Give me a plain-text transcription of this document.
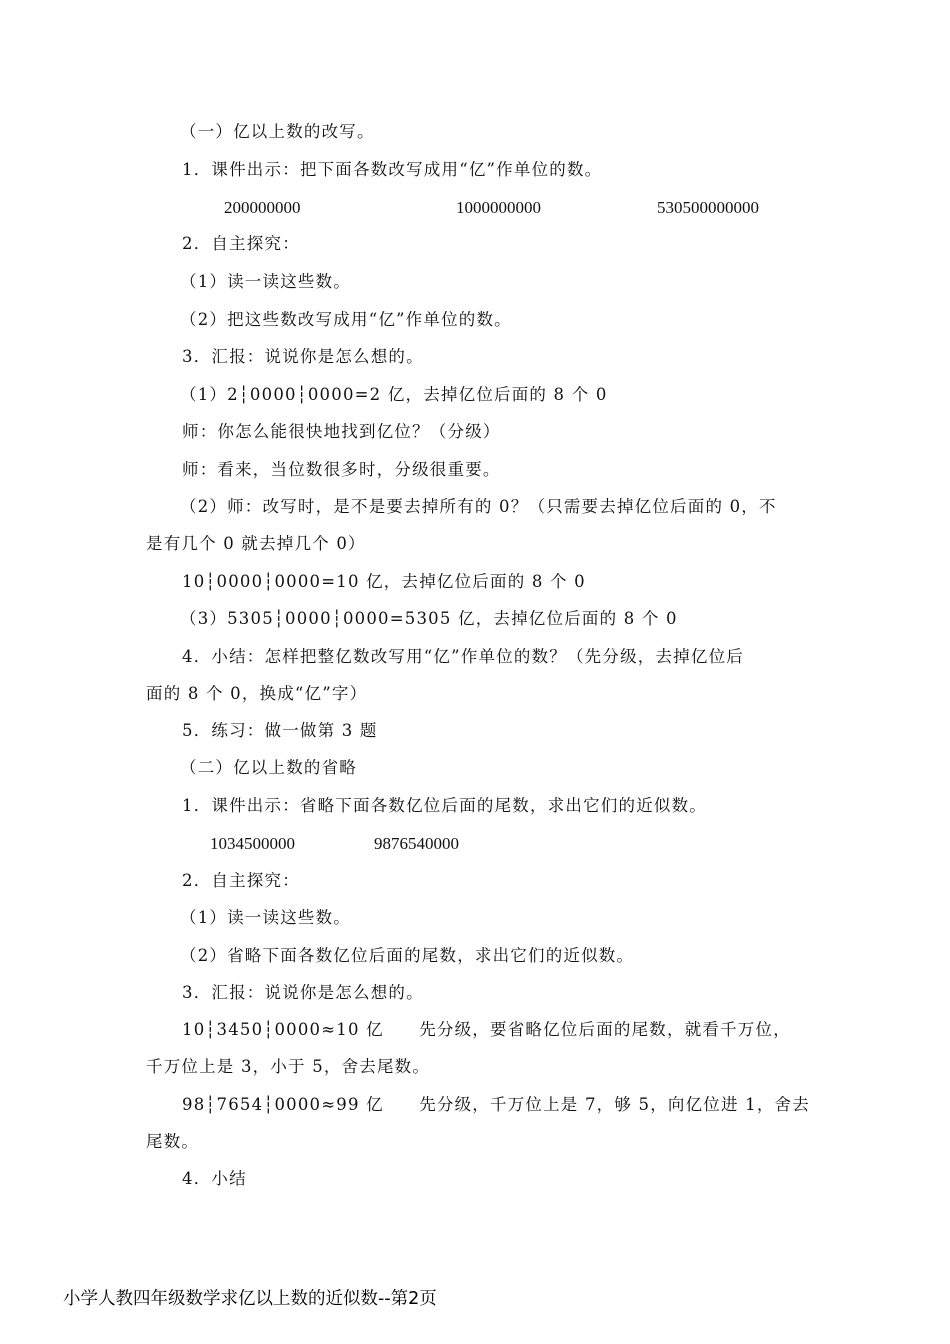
（一）亿以上数的改写。
1．课件出示：把下面各数改写成用“亿”作单位的数。
200000000	1000000000	530500000000
2．自主探究：
（1）读一读这些数。
（2）把这些数改写成用“亿”作单位的数。
3．汇报：说说你是怎么想的。
（1）2┆0000┆0000=2 亿，去掉亿位后面的 8 个 0
师：你怎么能很快地找到亿位？（分级）
师：看来，当位数很多时，分级很重要。
（2）师：改写时，是不是要去掉所有的 0？（只需要去掉亿位后面的 0，不
是有几个 0 就去掉几个 0）
10┆0000┆0000=10 亿，去掉亿位后面的 8 个 0
（3）5305┆0000┆0000=5305 亿，去掉亿位后面的 8 个 0
4．小结：怎样把整亿数改写用“亿”作单位的数？（先分级，去掉亿位后
面的 8 个 0，换成“亿”字）
5．练习：做一做第 3 题
（二）亿以上数的省略
1．课件出示：省略下面各数亿位后面的尾数，求出它们的近似数。
1034500000	9876540000
2．自主探究：
（1）读一读这些数。
（2）省略下面各数亿位后面的尾数，求出它们的近似数。
3．汇报：说说你是怎么想的。
10┆3450┆0000≈10 亿　　先分级，要省略亿位后面的尾数，就看千万位，
千万位上是 3，小于 5，舍去尾数。
98┆7654┆0000≈99 亿　　先分级，千万位上是 7，够 5，向亿位进 1，舍去
尾数。
4．小结
小学人教四年级数学求亿以上数的近似数--第2页
